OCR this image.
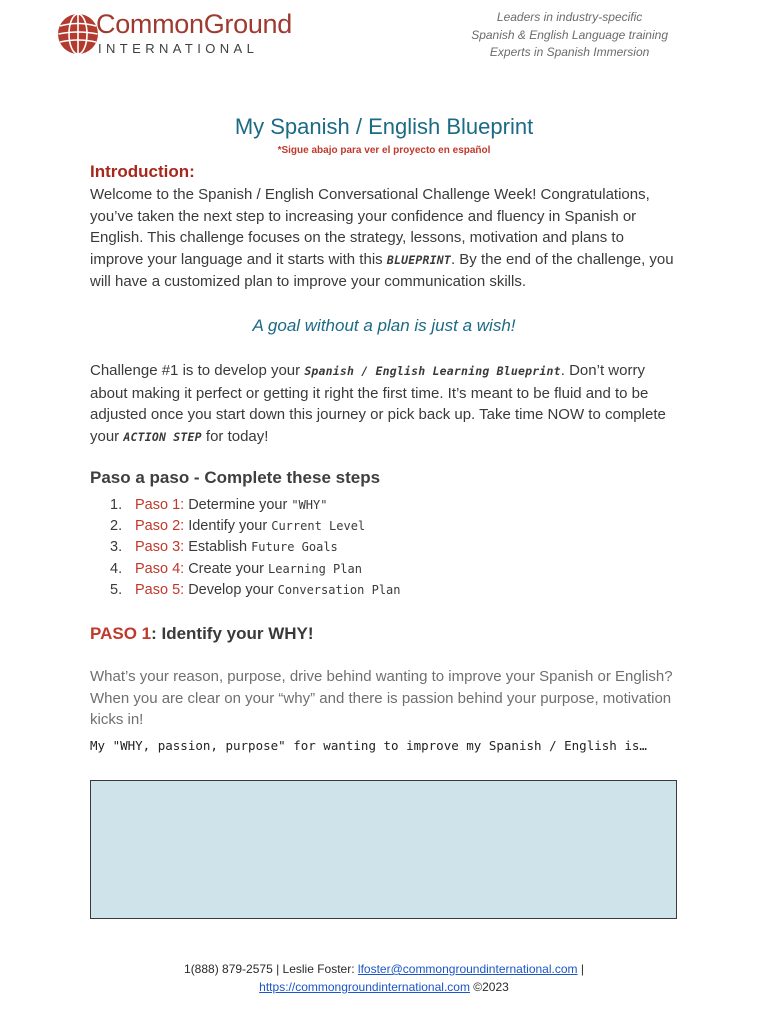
CommonGround
INTERNATIONAL
Leaders in industry-specific
Spanish & English Language training
Experts in Spanish Immersion
My Spanish / English Blueprint
*Sigue abajo para ver el proyecto en español
Introduction:
Welcome to the Spanish / English Conversational Challenge Week! Congratulations, you’ve taken the next step to increasing your confidence and fluency in Spanish or English. This challenge focuses on the strategy, lessons, motivation and plans to improve your language and it starts with this BLUEPRINT. By the end of the challenge, you will have a customized plan to improve your communication skills.
A goal without a plan is just a wish!
Challenge #1 is to develop your Spanish / English Learning Blueprint. Don’t worry about making it perfect or getting it right the first time. It’s meant to be fluid and to be adjusted once you start down this journey or pick back up. Take time NOW to complete your ACTION STEP for today!
Paso a paso - Complete these steps
1. Paso 1: Determine your "WHY"
2. Paso 2: Identify your Current Level
3. Paso 3: Establish Future Goals
4. Paso 4: Create your Learning Plan
5. Paso 5: Develop your Conversation Plan
PASO 1: Identify your WHY!
What’s your reason, purpose, drive behind wanting to improve your Spanish or English? When you are clear on your “why” and there is passion behind your purpose, motivation kicks in!
My "WHY, passion, purpose" for wanting to improve my Spanish / English is…
1(888) 879-2575 | Leslie Foster: lfoster@commongroundinternational.com |
https://commongroundinternational.com ©2023
